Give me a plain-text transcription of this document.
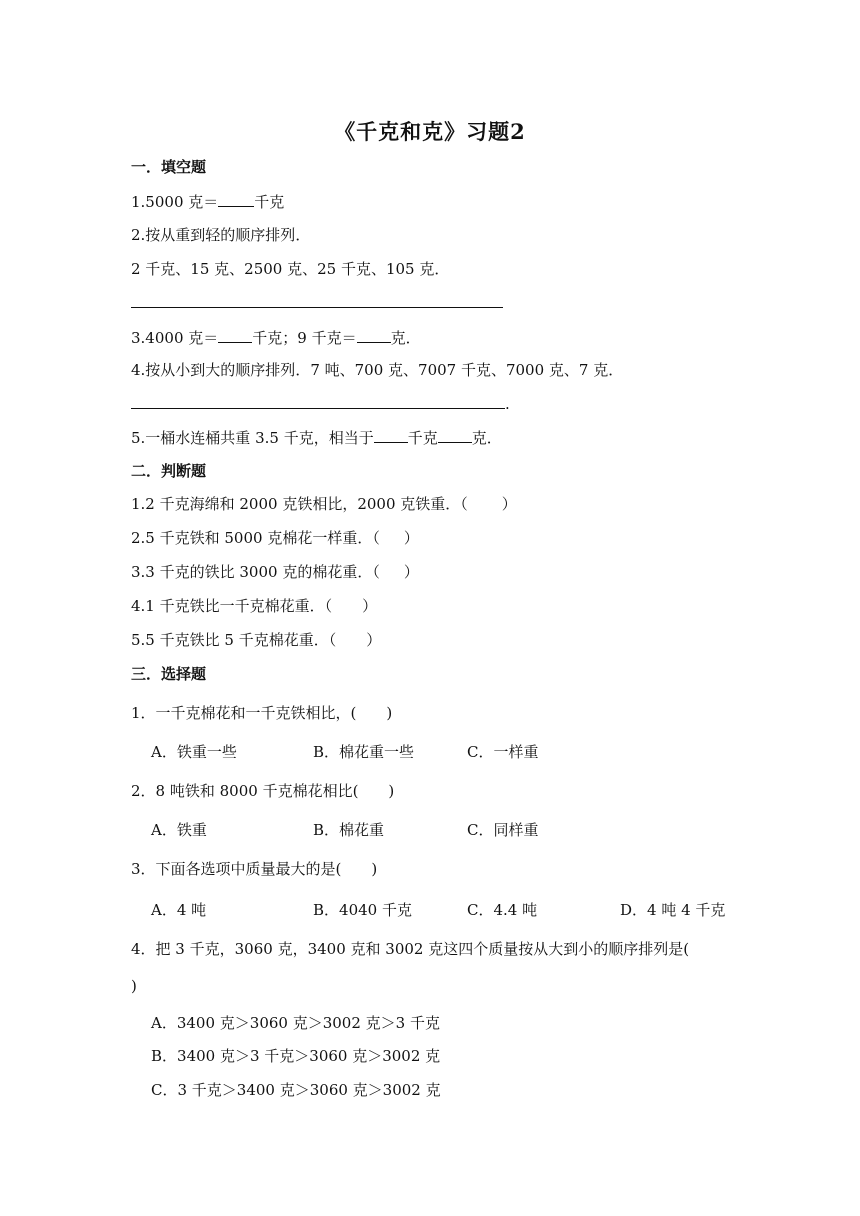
《千克和克》习题2
一．填空题
1.5000 克＝ 千克
2.按从重到轻的顺序排列．
2 千克、15 克、2500 克、25 千克、105 克．
3.4000 克＝ 千克；9 千克＝ 克．
4.按从小到大的顺序排列．7 吨、700 克、7007 千克、7000 克、7 克．
.
5.一桶水连桶共重 3.5 千克，相当于 千克 克．
二．判断题
1.2 千克海绵和 2000 克铁相比，2000 克铁重．（ ）
2.5 千克铁和 5000 克棉花一样重．（ ）
3.3 千克的铁比 3000 克的棉花重．（ ）
4.1 千克铁比一千克棉花重．（ ）
5.5 千克铁比 5 千克棉花重．（ ）
三．选择题
1．一千克棉花和一千克铁相比，( )
A．铁重一些	B．棉花重一些	C．一样重
2．8 吨铁和 8000 千克棉花相比( )
A．铁重	B．棉花重	C．同样重
3．下面各选项中质量最大的是( )
A．4 吨	B．4040 千克	C．4.4 吨	D．4 吨 4 千克
4．把 3 千克，3060 克，3400 克和 3002 克这四个质量按从大到小的顺序排列是(
)
A．3400 克＞3060 克＞3002 克＞3 千克
B．3400 克＞3 千克＞3060 克＞3002 克
C．3 千克＞3400 克＞3060 克＞3002 克
